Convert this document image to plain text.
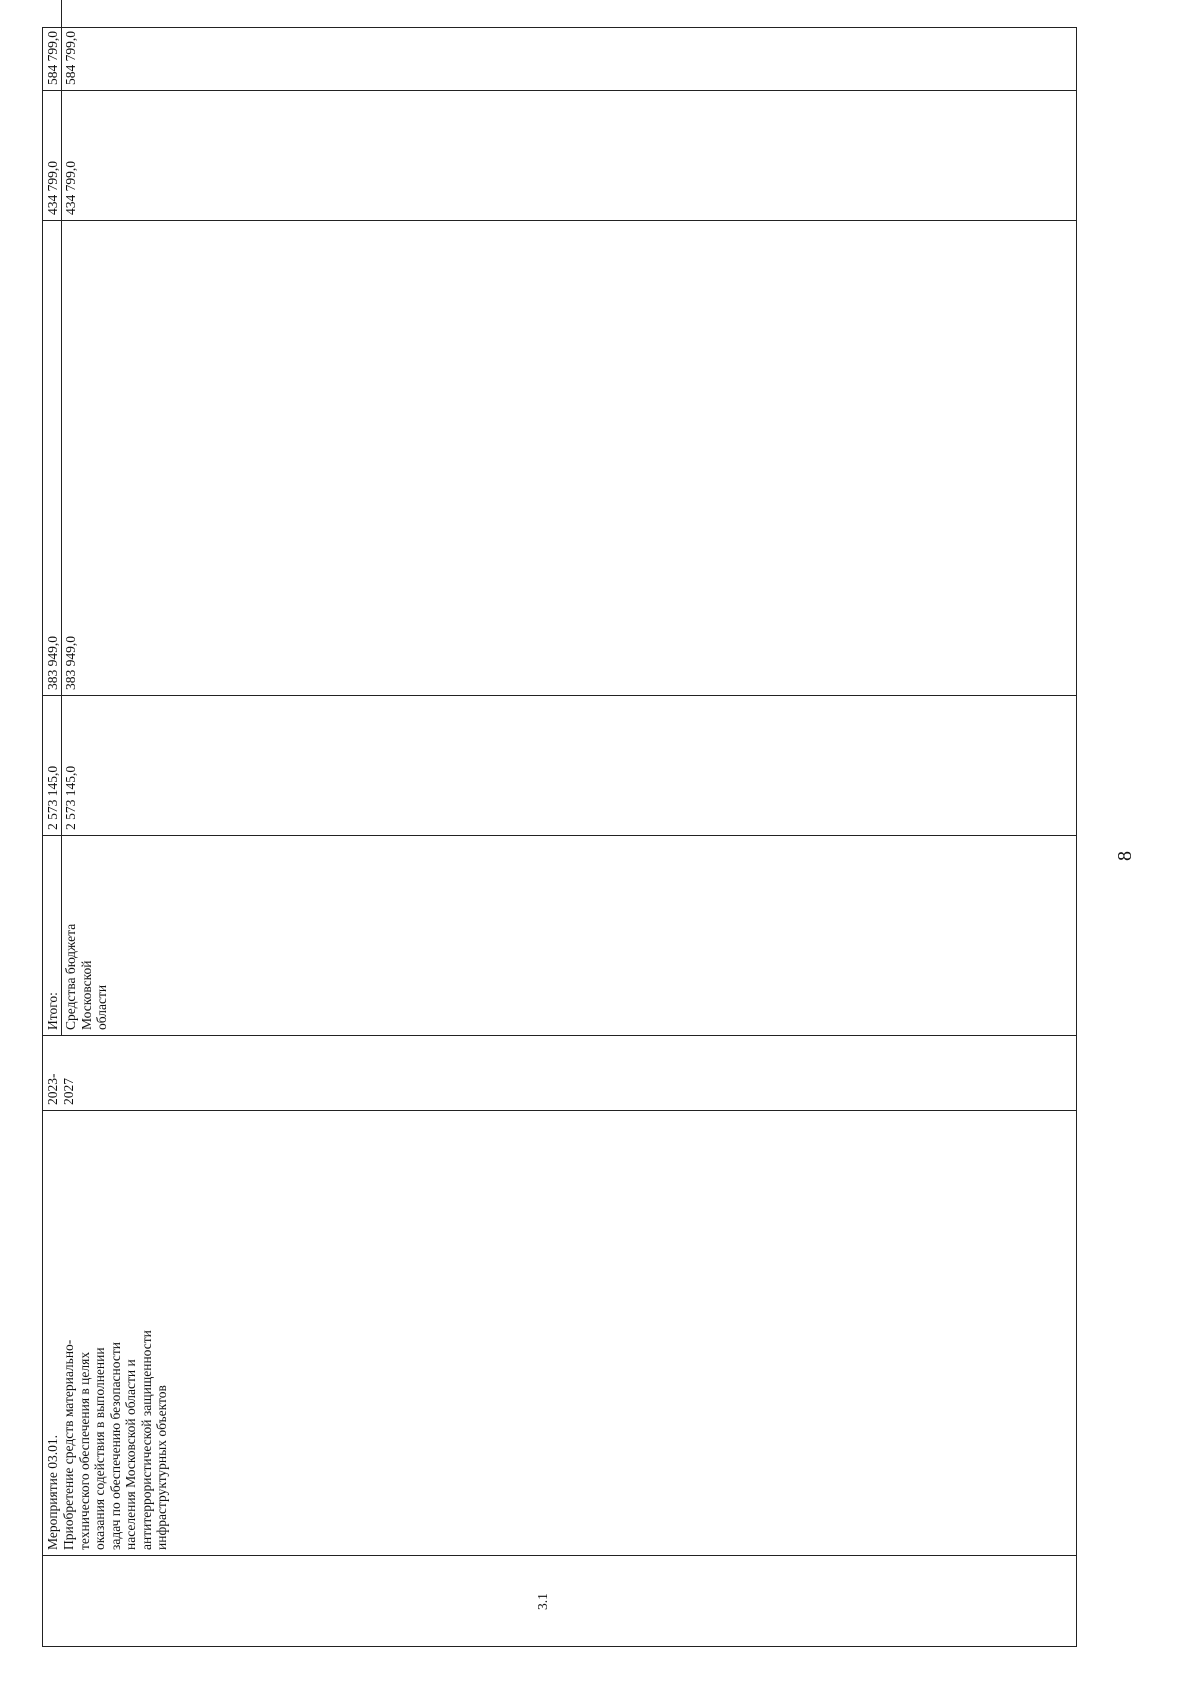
8
3.1
Мероприятие 03.01. Приобретение средств материально-
технического обеспечения в целях
оказания содействия в выполнении
задач по обеспечению безопасности
населения Московской области и
антитеррористической защищенности
инфраструктурных объектов
2023-
2027
Итого: Средства бюджета
Московской
области
2 573 145,0
383 949,0
434 799,0
584 799,0
2 573 145,0
383 949,0
434 799,0
584 799,0
